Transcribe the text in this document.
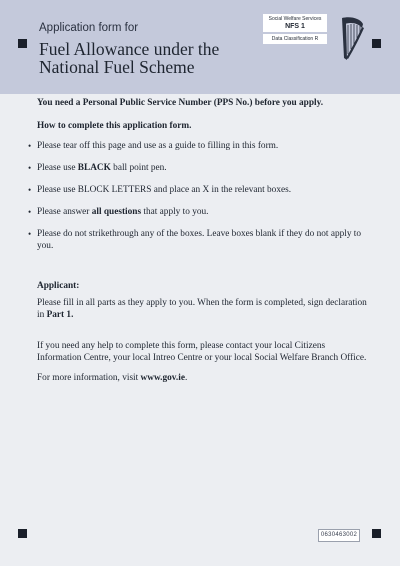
Application form for
Fuel Allowance under the National Fuel Scheme
Social Welfare Services
NFS 1
Data Classification R

You need a Personal Public Service Number (PPS No.) before you apply.

How to complete this application form.

• Please tear off this page and use as a guide to filling in this form.
• Please use BLACK ball point pen.
• Please use BLOCK LETTERS and place an X in the relevant boxes.
• Please answer all questions that apply to you.
• Please do not strikethrough any of the boxes. Leave boxes blank if they do not apply to you.

Applicant:

Please fill in all parts as they apply to you. When the form is completed, sign declaration in Part 1.

If you need any help to complete this form, please contact your local Citizens Information Centre, your local Intreo Centre or your local Social Welfare Branch Office.

For more information, visit www.gov.ie.

0630463002
